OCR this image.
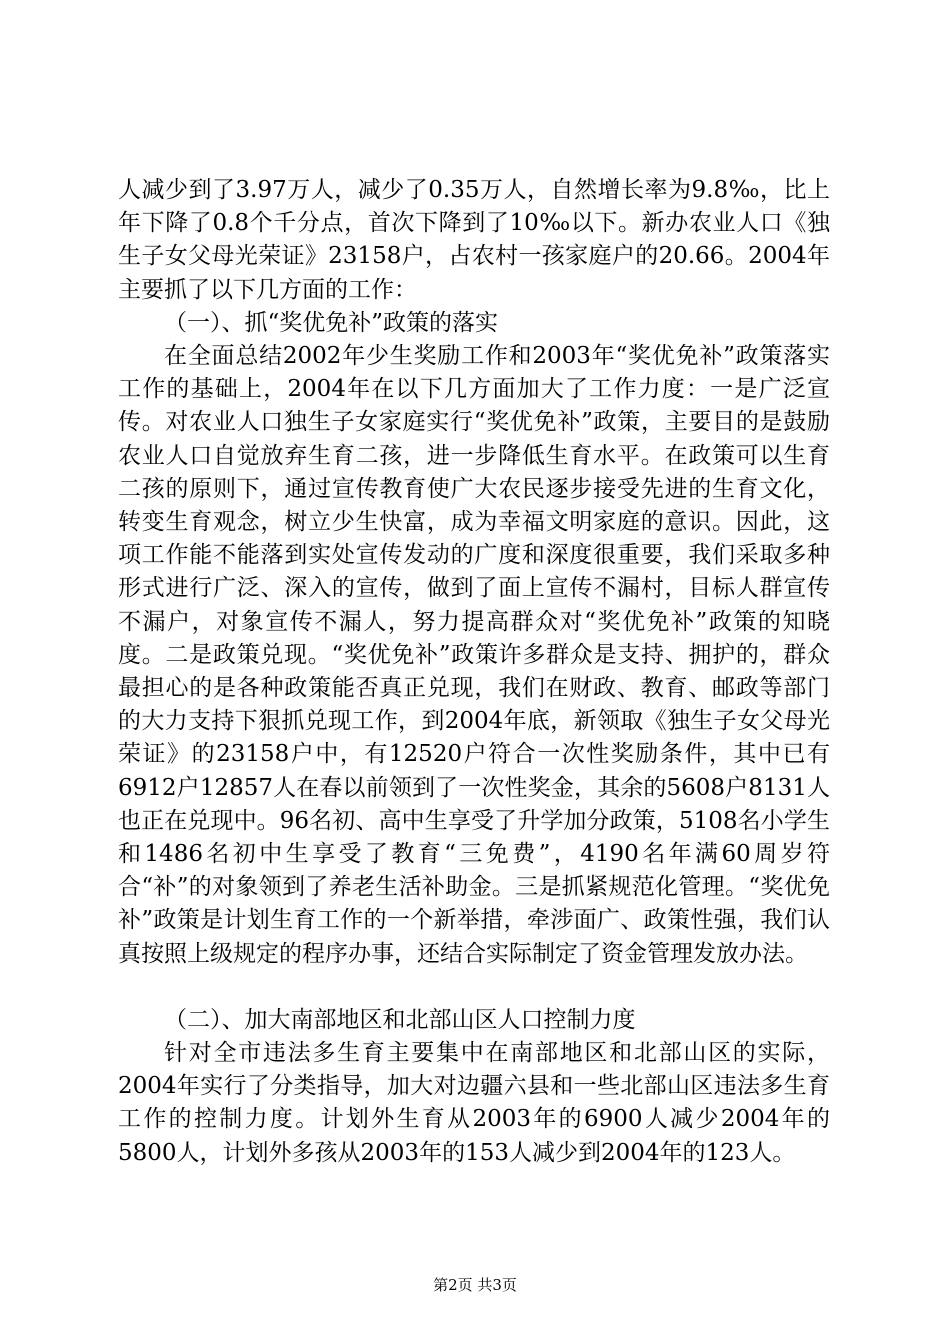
人减少到了3.97万人，减少了0.35万人，自然增长率为9.8‰，比上年下降了0.8个千分点，首次下降到了10‰以下。新办农业人口《独生子女父母光荣证》23158户，占农村一孩家庭户的20.66。2004年主要抓了以下几方面的工作：

（一）、抓“奖优免补”政策的落实

在全面总结2002年少生奖励工作和2003年“奖优免补”政策落实工作的基础上，2004年在以下几方面加大了工作力度：一是广泛宣传。对农业人口独生子女家庭实行“奖优免补”政策，主要目的是鼓励农业人口自觉放弃生育二孩，进一步降低生育水平。在政策可以生育二孩的原则下，通过宣传教育使广大农民逐步接受先进的生育文化，转变生育观念，树立少生快富，成为幸福文明家庭的意识。因此，这项工作能不能落到实处宣传发动的广度和深度很重要，我们采取多种形式进行广泛、深入的宣传，做到了面上宣传不漏村，目标人群宣传不漏户，对象宣传不漏人，努力提高群众对“奖优免补”政策的知晓度。二是政策兑现。“奖优免补”政策许多群众是支持、拥护的，群众最担心的是各种政策能否真正兑现，我们在财政、教育、邮政等部门的大力支持下狠抓兑现工作，到2004年底，新领取《独生子女父母光荣证》的23158户中，有12520户符合一次性奖励条件，其中已有6912户12857人在春以前领到了一次性奖金，其余的5608户8131人也正在兑现中。96名初、高中生享受了升学加分政策，5108名小学生和1486名初中生享受了教育“三免费”，4190名年满60周岁符合“补”的对象领到了养老生活补助金。三是抓紧规范化管理。“奖优免补”政策是计划生育工作的一个新举措，牵涉面广、政策性强，我们认真按照上级规定的程序办事，还结合实际制定了资金管理发放办法。

（二）、加大南部地区和北部山区人口控制力度

针对全市违法多生育主要集中在南部地区和北部山区的实际，2004年实行了分类指导，加大对边疆六县和一些北部山区违法多生育工作的控制力度。计划外生育从2003年的6900人减少2004年的5800人，计划外多孩从2003年的153人减少到2004年的123人。

第2页 共3页
